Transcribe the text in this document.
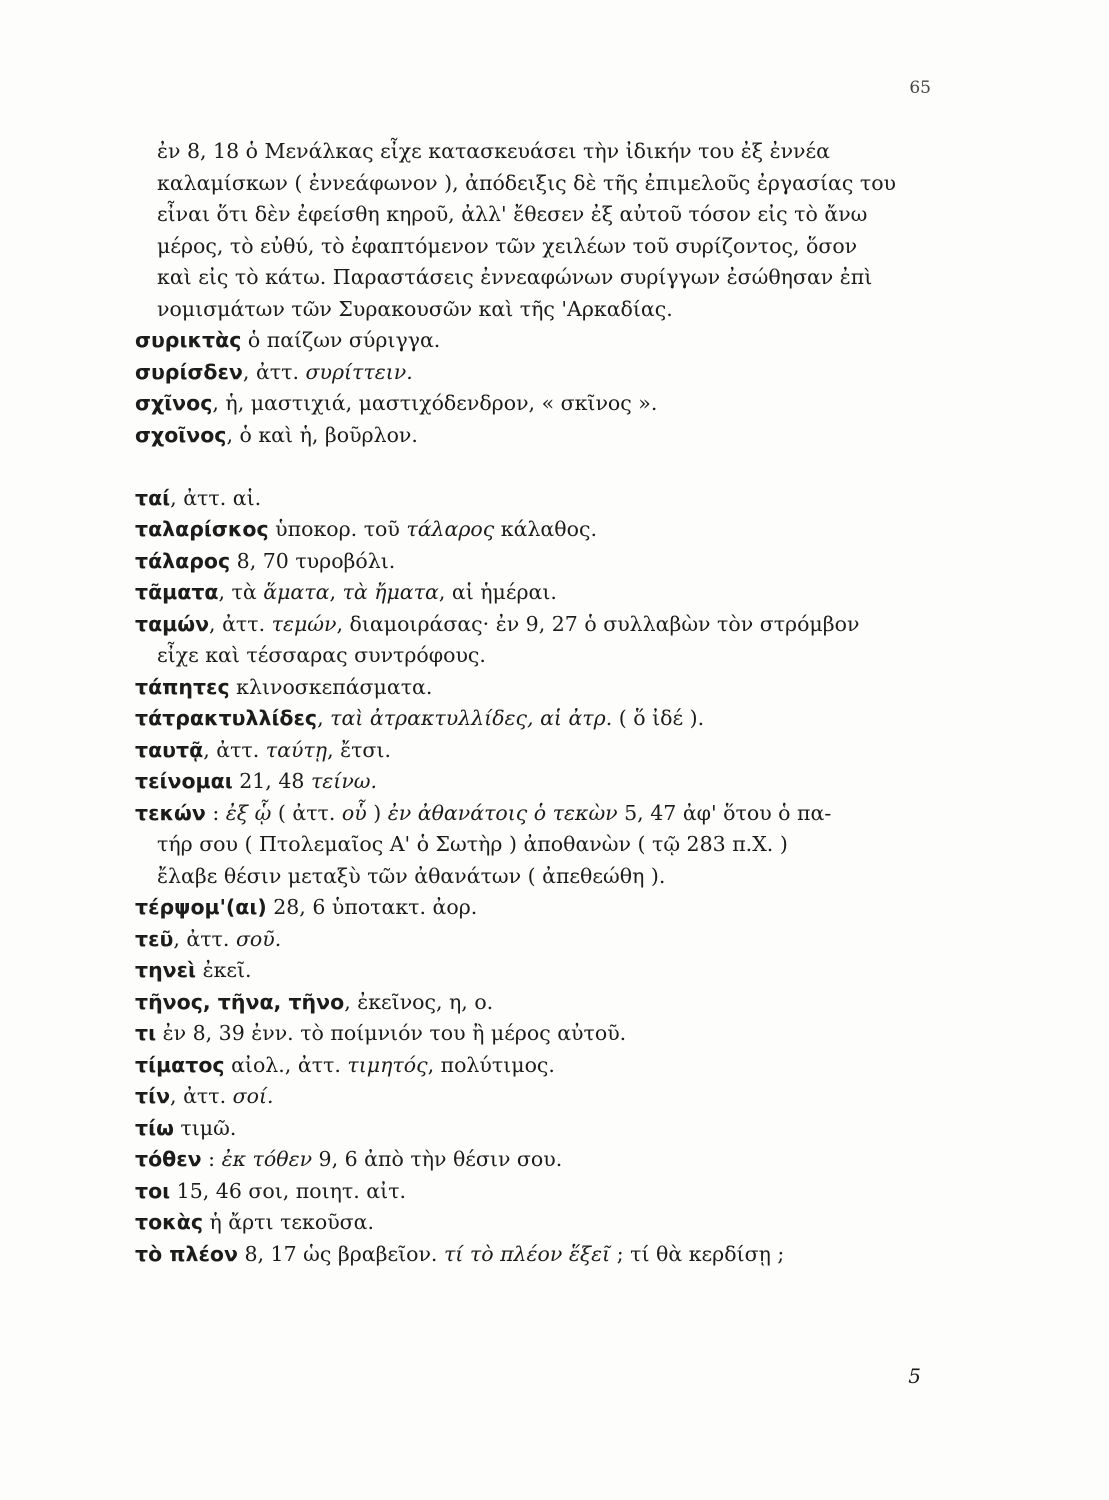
65
ἐν 8, 18 ὁ Μενάλκας εἶχε κατασκευάσει τὴν ἰδικήν του ἐξ ἐννέα
καλαμίσκων ( ἐννεάφωνον ), ἀπόδειξις δὲ τῆς ἐπιμελοῦς ἐργασίας του
εἶναι ὅτι δὲν ἐφείσθη κηροῦ, ἀλλ' ἔθεσεν ἐξ αὐτοῦ τόσον εἰς τὸ ἄνω
μέρος, τὸ εὐθύ, τὸ ἐφαπτόμενον τῶν χειλέων τοῦ συρίζοντος, ὅσον
καὶ εἰς τὸ κάτω. Παραστάσεις ἐννεαφώνων συρίγγων ἐσώθησαν ἐπὶ
νομισμάτων τῶν Συρακουσῶν καὶ τῆς 'Αρκαδίας.
συρικτὰς ὁ παίζων σύριγγα.
συρίσδεν, ἀττ. συρίττειν.
σχῖνος, ἡ, μαστιχιά, μαστιχόδενδρον, « σκῖνος ».
σχοῖνος, ὁ καὶ ἡ, βοῦρλον.
ταί, ἀττ. αἱ.
ταλαρίσκος ὑποκορ. τοῦ τάλαρος κάλαθος.
τάλαρος 8, 70 τυροβόλι.
τᾶματα, τὰ ἅματα, τὰ ἤματα, αἱ ἡμέραι.
ταμών, ἀττ. τεμών, διαμοιράσας· ἐν 9, 27 ὁ συλλαβὼν τὸν στρόμβον
εἶχε καὶ τέσσαρας συντρόφους.
τάπητες κλινοσκεπάσματα.
τάτρακτυλλίδες, ταὶ ἀτρακτυλλίδες, αἱ ἀτρ. ( ὅ ἰδέ ).
ταυτᾷ, ἀττ. ταύτῃ, ἔτσι.
τείνομαι 21, 48 τείνω.
τεκών : ἐξ ᾧ ( ἀττ. οὗ ) ἐν ἀθανάτοις ὁ τεκὼν 5, 47 ἀφ' ὅτου ὁ πα-
τήρ σου ( Πτολεμαῖος Α' ὁ Σωτὴρ ) ἀποθανὼν ( τῷ 283 π.Χ. )
ἔλαβε θέσιν μεταξὺ τῶν ἀθανάτων ( ἀπεθεώθη ).
τέρψομ'(αι) 28, 6 ὑποτακτ. ἀορ.
τεῦ, ἀττ. σοῦ.
τηνεὶ ἐκεῖ.
τῆνος, τῆνα, τῆνο, ἐκεῖνος, η, ο.
τι ἐν 8, 39 ἐνν. τὸ ποίμνιόν του ἢ μέρος αὐτοῦ.
τίματος αἰολ., ἀττ. τιμητός, πολύτιμος.
τίν, ἀττ. σοί.
τίω τιμῶ.
τόθεν : ἐκ τόθεν 9, 6 ἀπὸ τὴν θέσιν σου.
τοι 15, 46 σοι, ποιητ. αἰτ.
τοκὰς ἡ ἄρτι τεκοῦσα.
τὸ πλέον 8, 17 ὡς βραβεῖον. τί τὸ πλέον ἕξεῖ ; τί θὰ κερδίσῃ ;
5
